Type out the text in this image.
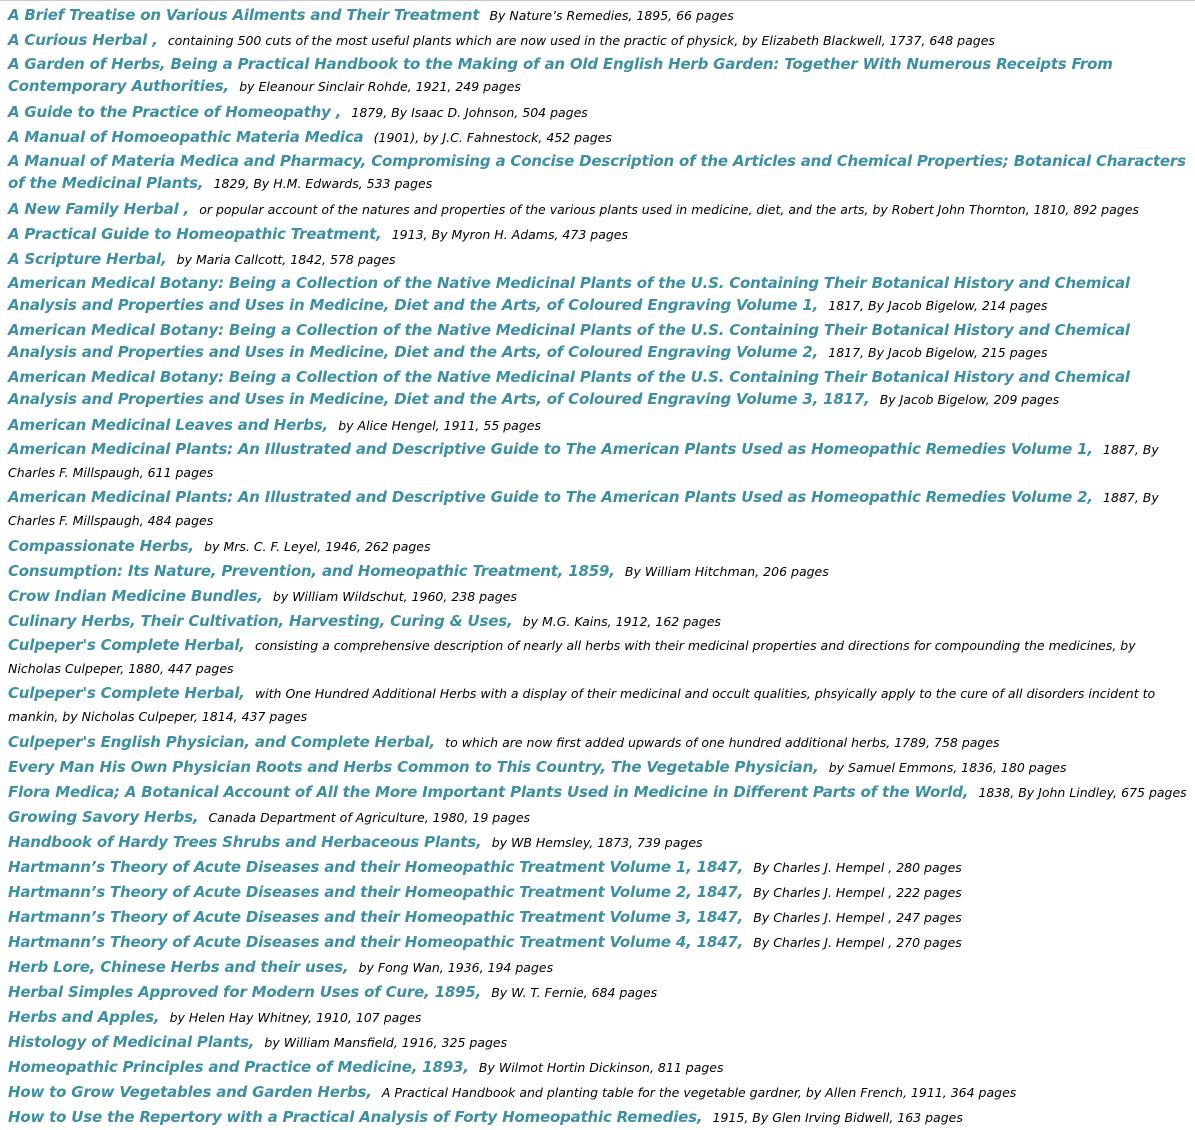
A Brief Treatise on Various Ailments and Their Treatment By Nature’s Remedies, 1895, 66 pages
A Curious Herbal , containing 500 cuts of the most useful plants which are now used in the practic of physick, by Elizabeth Blackwell, 1737, 648 pages
A Garden of Herbs, Being a Practical Handbook to the Making of an Old English Herb Garden: Together With Numerous Receipts From Contemporary Authorities, by Eleanour Sinclair Rohde, 1921, 249 pages
A Guide to the Practice of Homeopathy , 1879, By Isaac D. Johnson, 504 pages
A Manual of Homoeopathic Materia Medica (1901), by J.C. Fahnestock, 452 pages
A Manual of Materia Medica and Pharmacy, Compromising a Concise Description of the Articles and Chemical Properties; Botanical Characters of the Medicinal Plants, 1829, By H.M. Edwards, 533 pages
A New Family Herbal , or popular account of the natures and properties of the various plants used in medicine, diet, and the arts, by Robert John Thornton, 1810, 892 pages
A Practical Guide to Homeopathic Treatment, 1913, By Myron H. Adams, 473 pages
A Scripture Herbal, by Maria Callcott, 1842, 578 pages
American Medical Botany: Being a Collection of the Native Medicinal Plants of the U.S. Containing Their Botanical History and Chemical Analysis and Properties and Uses in Medicine, Diet and the Arts, of Coloured Engraving Volume 1, 1817, By Jacob Bigelow, 214 pages
American Medical Botany: Being a Collection of the Native Medicinal Plants of the U.S. Containing Their Botanical History and Chemical Analysis and Properties and Uses in Medicine, Diet and the Arts, of Coloured Engraving Volume 2, 1817, By Jacob Bigelow, 215 pages
American Medical Botany: Being a Collection of the Native Medicinal Plants of the U.S. Containing Their Botanical History and Chemical Analysis and Properties and Uses in Medicine, Diet and the Arts, of Coloured Engraving Volume 3, 1817, By Jacob Bigelow, 209 pages
American Medicinal Leaves and Herbs, by Alice Hengel, 1911, 55 pages
American Medicinal Plants: An Illustrated and Descriptive Guide to The American Plants Used as Homeopathic Remedies Volume 1, 1887, By Charles F. Millspaugh, 611 pages
American Medicinal Plants: An Illustrated and Descriptive Guide to The American Plants Used as Homeopathic Remedies Volume 2, 1887, By Charles F. Millspaugh, 484 pages
Compassionate Herbs, by Mrs. C. F. Leyel, 1946, 262 pages
Consumption: Its Nature, Prevention, and Homeopathic Treatment, 1859, By William Hitchman, 206 pages
Crow Indian Medicine Bundles, by William Wildschut, 1960, 238 pages
Culinary Herbs, Their Cultivation, Harvesting, Curing & Uses, by M.G. Kains, 1912, 162 pages
Culpeper's Complete Herbal, consisting a comprehensive description of nearly all herbs with their medicinal properties and directions for compounding the medicines, by Nicholas Culpeper, 1880, 447 pages
Culpeper's Complete Herbal, with One Hundred Additional Herbs with a display of their medicinal and occult qualities, phsyically apply to the cure of all disorders incident to mankin, by Nicholas Culpeper, 1814, 437 pages
Culpeper's English Physician, and Complete Herbal, to which are now first added upwards of one hundred additional herbs, 1789, 758 pages
Every Man His Own Physician Roots and Herbs Common to This Country, The Vegetable Physician, by Samuel Emmons, 1836, 180 pages
Flora Medica; A Botanical Account of All the More Important Plants Used in Medicine in Different Parts of the World, 1838, By John Lindley, 675 pages
Growing Savory Herbs, Canada Department of Agriculture, 1980, 19 pages
Handbook of Hardy Trees Shrubs and Herbaceous Plants, by WB Hemsley, 1873, 739 pages
Hartmann’s Theory of Acute Diseases and their Homeopathic Treatment Volume 1, 1847, By Charles J. Hempel , 280 pages
Hartmann’s Theory of Acute Diseases and their Homeopathic Treatment Volume 2, 1847, By Charles J. Hempel , 222 pages
Hartmann’s Theory of Acute Diseases and their Homeopathic Treatment Volume 3, 1847, By Charles J. Hempel , 247 pages
Hartmann’s Theory of Acute Diseases and their Homeopathic Treatment Volume 4, 1847, By Charles J. Hempel , 270 pages
Herb Lore, Chinese Herbs and their uses, by Fong Wan, 1936, 194 pages
Herbal Simples Approved for Modern Uses of Cure, 1895, By W. T. Fernie, 684 pages
Herbs and Apples, by Helen Hay Whitney, 1910, 107 pages
Histology of Medicinal Plants, by William Mansfield, 1916, 325 pages
Homeopathic Principles and Practice of Medicine, 1893, By Wilmot Hortin Dickinson, 811 pages
How to Grow Vegetables and Garden Herbs, A Practical Handbook and planting table for the vegetable gardner, by Allen French, 1911, 364 pages
How to Use the Repertory with a Practical Analysis of Forty Homeopathic Remedies, 1915, By Glen Irving Bidwell, 163 pages
